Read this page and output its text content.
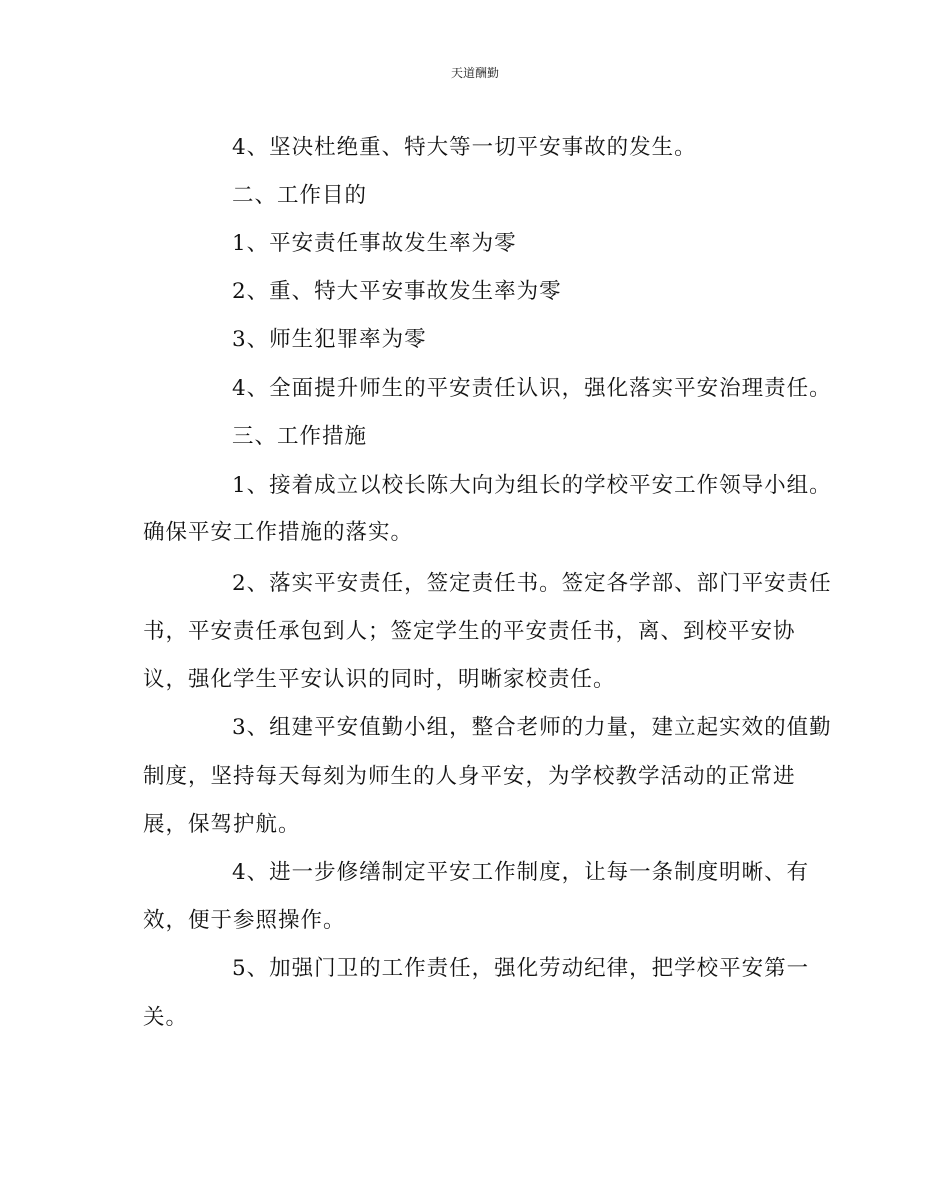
天道酬勤
4、坚决杜绝重、特大等一切平安事故的发生。
二、工作目的
1、平安责任事故发生率为零
2、重、特大平安事故发生率为零
3、师生犯罪率为零
4、全面提升师生的平安责任认识，强化落实平安治理责任。
三、工作措施
1、接着成立以校长陈大向为组长的学校平安工作领导小组。
确保平安工作措施的落实。
2、落实平安责任，签定责任书。签定各学部、部门平安责任
书，平安责任承包到人；签定学生的平安责任书，离、到校平安协
议，强化学生平安认识的同时，明晰家校责任。
3、组建平安值勤小组，整合老师的力量，建立起实效的值勤
制度，坚持每天每刻为师生的人身平安，为学校教学活动的正常进
展，保驾护航。
4、进一步修缮制定平安工作制度，让每一条制度明晰、有
效，便于参照操作。
5、加强门卫的工作责任，强化劳动纪律，把学校平安第一
关。
